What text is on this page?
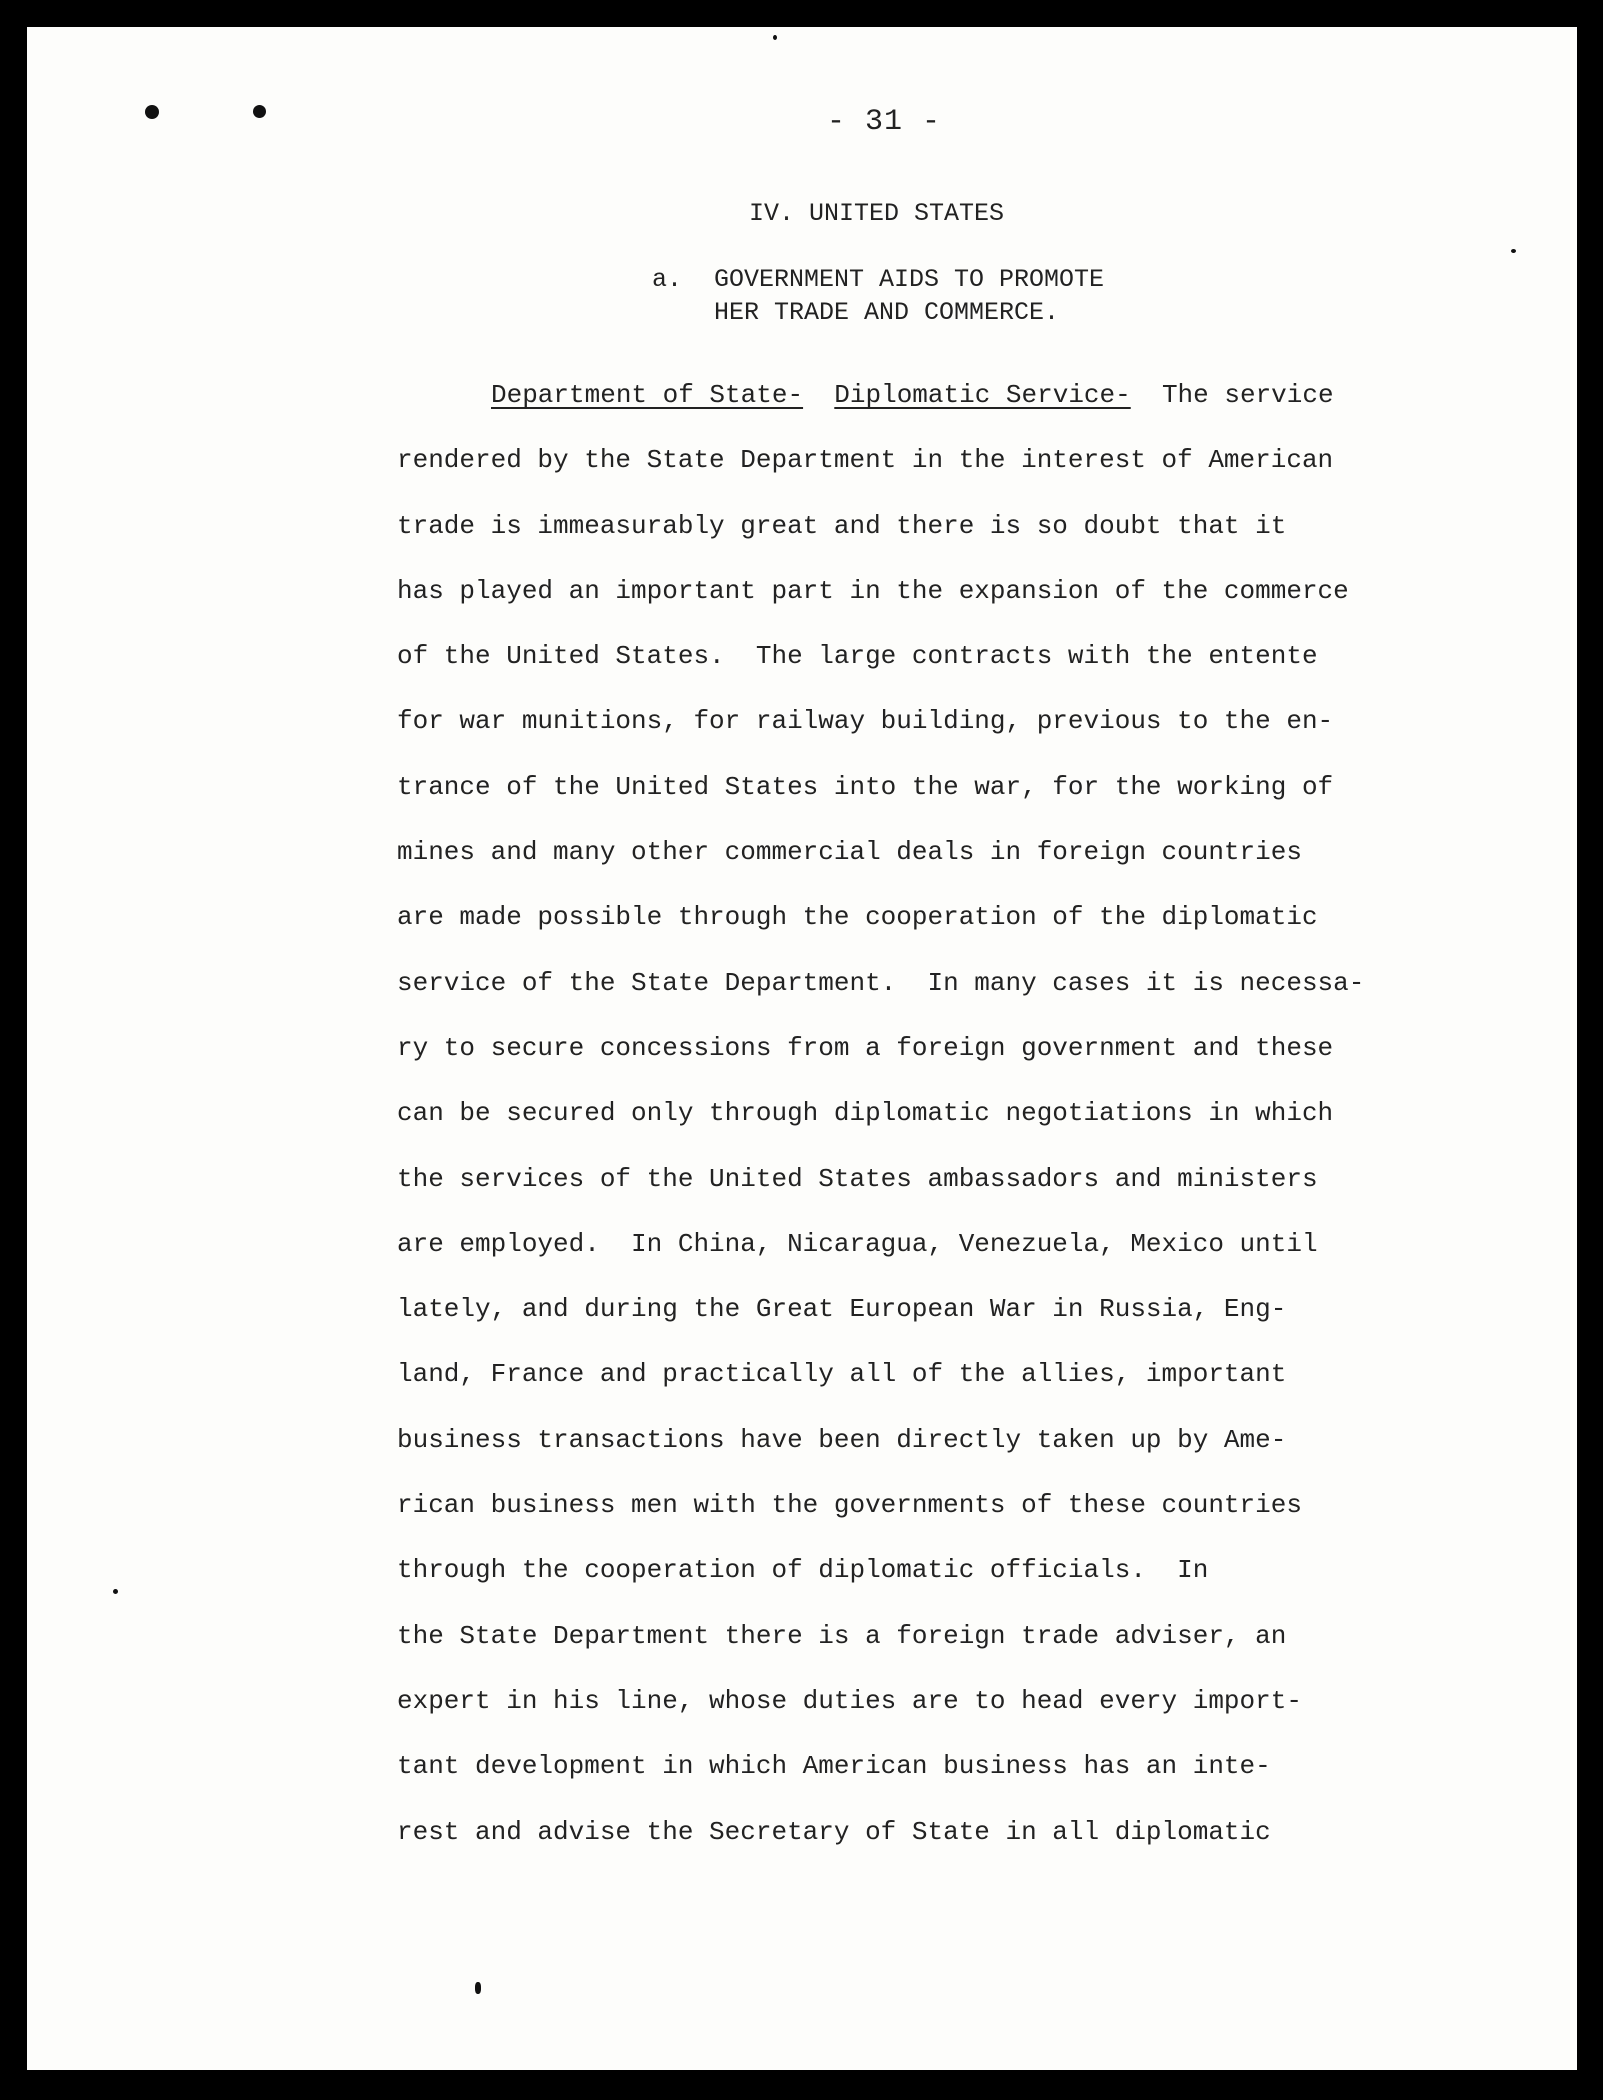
- 31 -
IV. UNITED STATES
a. GOVERNMENT AIDS TO PROMOTE
HER TRADE AND COMMERCE.
Department of State- Diplomatic Service- The service
rendered by the State Department in the interest of American
trade is immeasurably great and there is so doubt that it
has played an important part in the expansion of the commerce
of the United States.  The large contracts with the entente
for war munitions, for railway building, previous to the en-
trance of the United States into the war, for the working of
mines and many other commercial deals in foreign countries
are made possible through the cooperation of the diplomatic
service of the State Department.  In many cases it is necessa-
ry to secure concessions from a foreign government and these
can be secured only through diplomatic negotiations in which
the services of the United States ambassadors and ministers
are employed.  In China, Nicaragua, Venezuela, Mexico until
lately, and during the Great European War in Russia, Eng-
land, France and practically all of the allies, important
business transactions have been directly taken up by Ame-
rican business men with the governments of these countries
through the cooperation of diplomatic officials.  In
the State Department there is a foreign trade adviser, an
expert in his line, whose duties are to head every import-
tant development in which American business has an inte-
rest and advise the Secretary of State in all diplomatic
